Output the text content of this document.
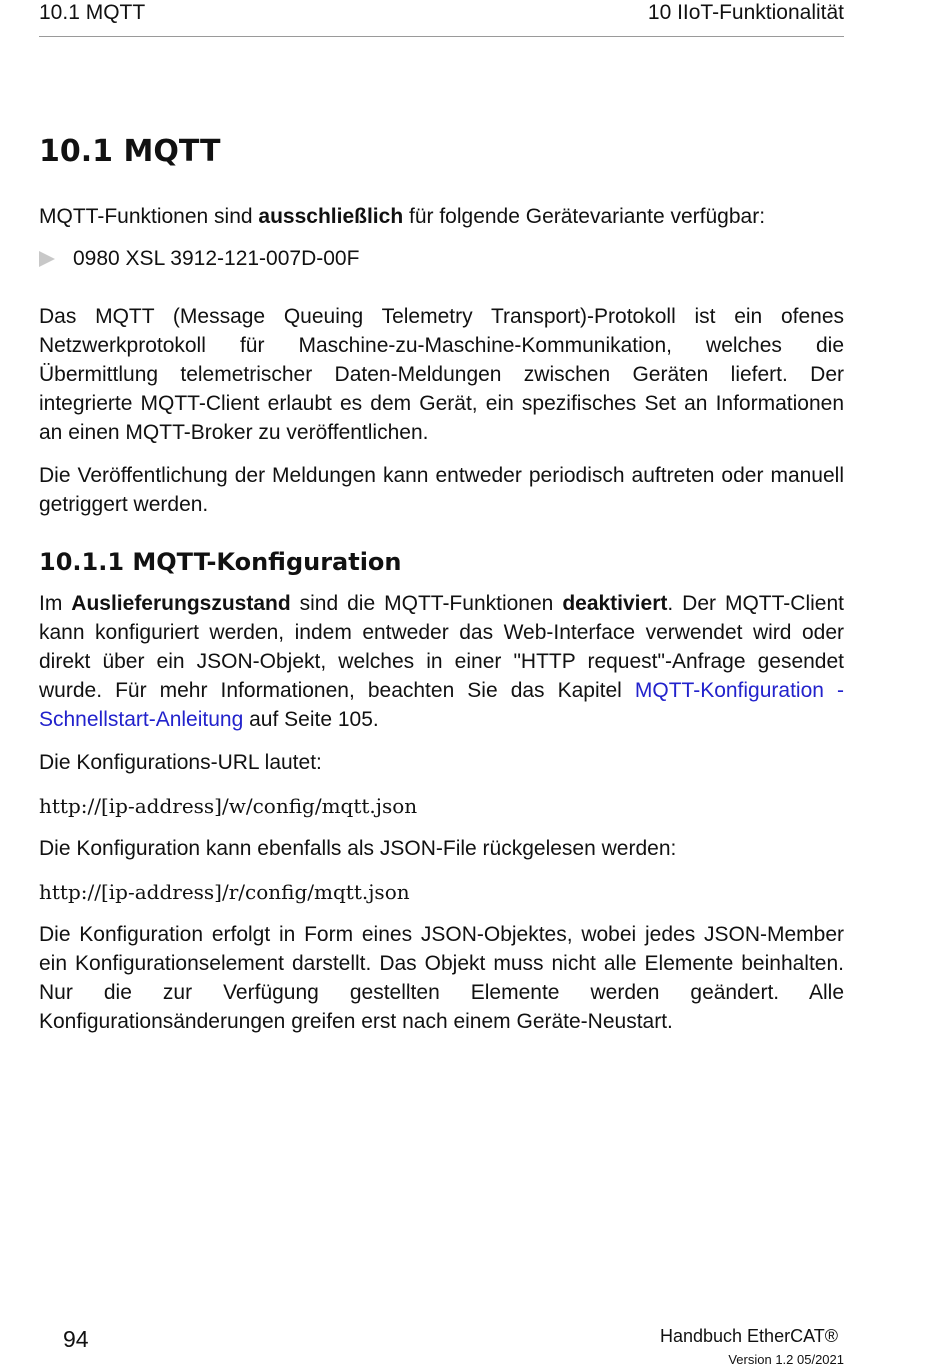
10.1 MQTT	10 IIoT-Funktionalität
10.1 MQTT

MQTT-Funktionen sind ausschließlich für folgende Gerätevariante verfügbar:

0980 XSL 3912-121-007D-00F

Das MQTT (Message Queuing Telemetry Transport)-Protokoll ist ein ofenes Netzwerkprotokoll für Maschine-zu-Maschine-Kommunikation, welches die Übermittlung telemetrischer Daten-Meldungen zwischen Geräten liefert. Der integrierte MQTT-Client erlaubt es dem Gerät, ein spezifisches Set an Informationen an einen MQTT-Broker zu veröffentlichen.

Die Veröffentlichung der Meldungen kann entweder periodisch auftreten oder manuell getriggert werden.

10.1.1 MQTT-Konfiguration

Im Auslieferungszustand sind die MQTT-Funktionen deaktiviert. Der MQTT-Client kann konfiguriert werden, indem entweder das Web-Interface verwendet wird oder direkt über ein JSON-Objekt, welches in einer "HTTP request"-Anfrage gesendet wurde. Für mehr Informationen, beachten Sie das Kapitel MQTT-Konfiguration - Schnellstart-Anleitung auf Seite 105.

Die Konfigurations-URL lautet:

http://[ip-address]/w/config/mqtt.json

Die Konfiguration kann ebenfalls als JSON-File rückgelesen werden:

http://[ip-address]/r/config/mqtt.json

Die Konfiguration erfolgt in Form eines JSON-Objektes, wobei jedes JSON-Member ein Konfigurationselement darstellt. Das Objekt muss nicht alle Elemente beinhalten. Nur die zur Verfügung gestellten Elemente werden geändert. Alle Konfigurationsänderungen greifen erst nach einem Geräte-Neustart.

94	Handbuch EtherCAT®
Version 1.2 05/2021
